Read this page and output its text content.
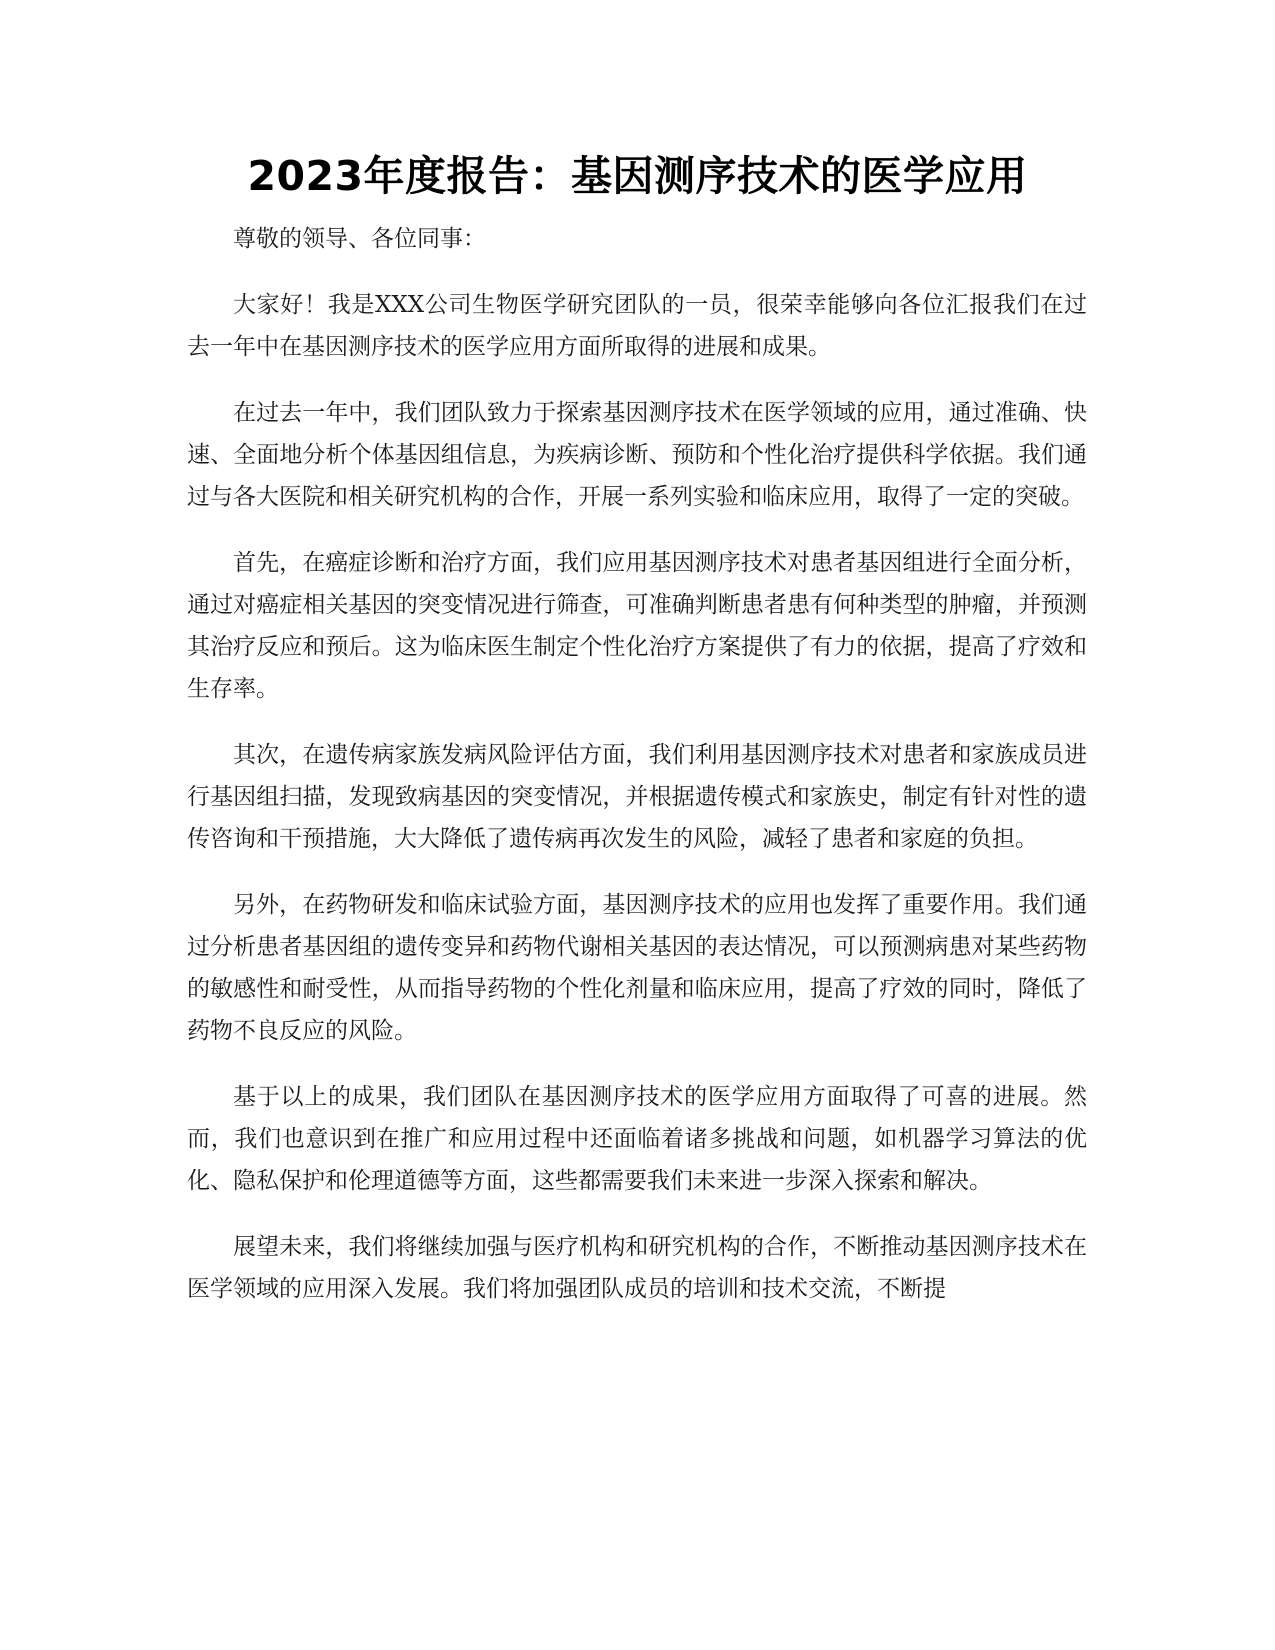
2023年度报告：基因测序技术的医学应用

尊敬的领导、各位同事：

大家好！我是XXX公司生物医学研究团队的一员，很荣幸能够向各位汇报我们在过去一年中在基因测序技术的医学应用方面所取得的进展和成果。

在过去一年中，我们团队致力于探索基因测序技术在医学领域的应用，通过准确、快速、全面地分析个体基因组信息，为疾病诊断、预防和个性化治疗提供科学依据。我们通过与各大医院和相关研究机构的合作，开展一系列实验和临床应用，取得了一定的突破。

首先，在癌症诊断和治疗方面，我们应用基因测序技术对患者基因组进行全面分析，通过对癌症相关基因的突变情况进行筛查，可准确判断患者患有何种类型的肿瘤，并预测其治疗反应和预后。这为临床医生制定个性化治疗方案提供了有力的依据，提高了疗效和生存率。

其次，在遗传病家族发病风险评估方面，我们利用基因测序技术对患者和家族成员进行基因组扫描，发现致病基因的突变情况，并根据遗传模式和家族史，制定有针对性的遗传咨询和干预措施，大大降低了遗传病再次发生的风险，减轻了患者和家庭的负担。

另外，在药物研发和临床试验方面，基因测序技术的应用也发挥了重要作用。我们通过分析患者基因组的遗传变异和药物代谢相关基因的表达情况，可以预测病患对某些药物的敏感性和耐受性，从而指导药物的个性化剂量和临床应用，提高了疗效的同时，降低了药物不良反应的风险。

基于以上的成果，我们团队在基因测序技术的医学应用方面取得了可喜的进展。然而，我们也意识到在推广和应用过程中还面临着诸多挑战和问题，如机器学习算法的优化、隐私保护和伦理道德等方面，这些都需要我们未来进一步深入探索和解决。

展望未来，我们将继续加强与医疗机构和研究机构的合作，不断推动基因测序技术在医学领域的应用深入发展。我们将加强团队成员的培训和技术交流，不断提
